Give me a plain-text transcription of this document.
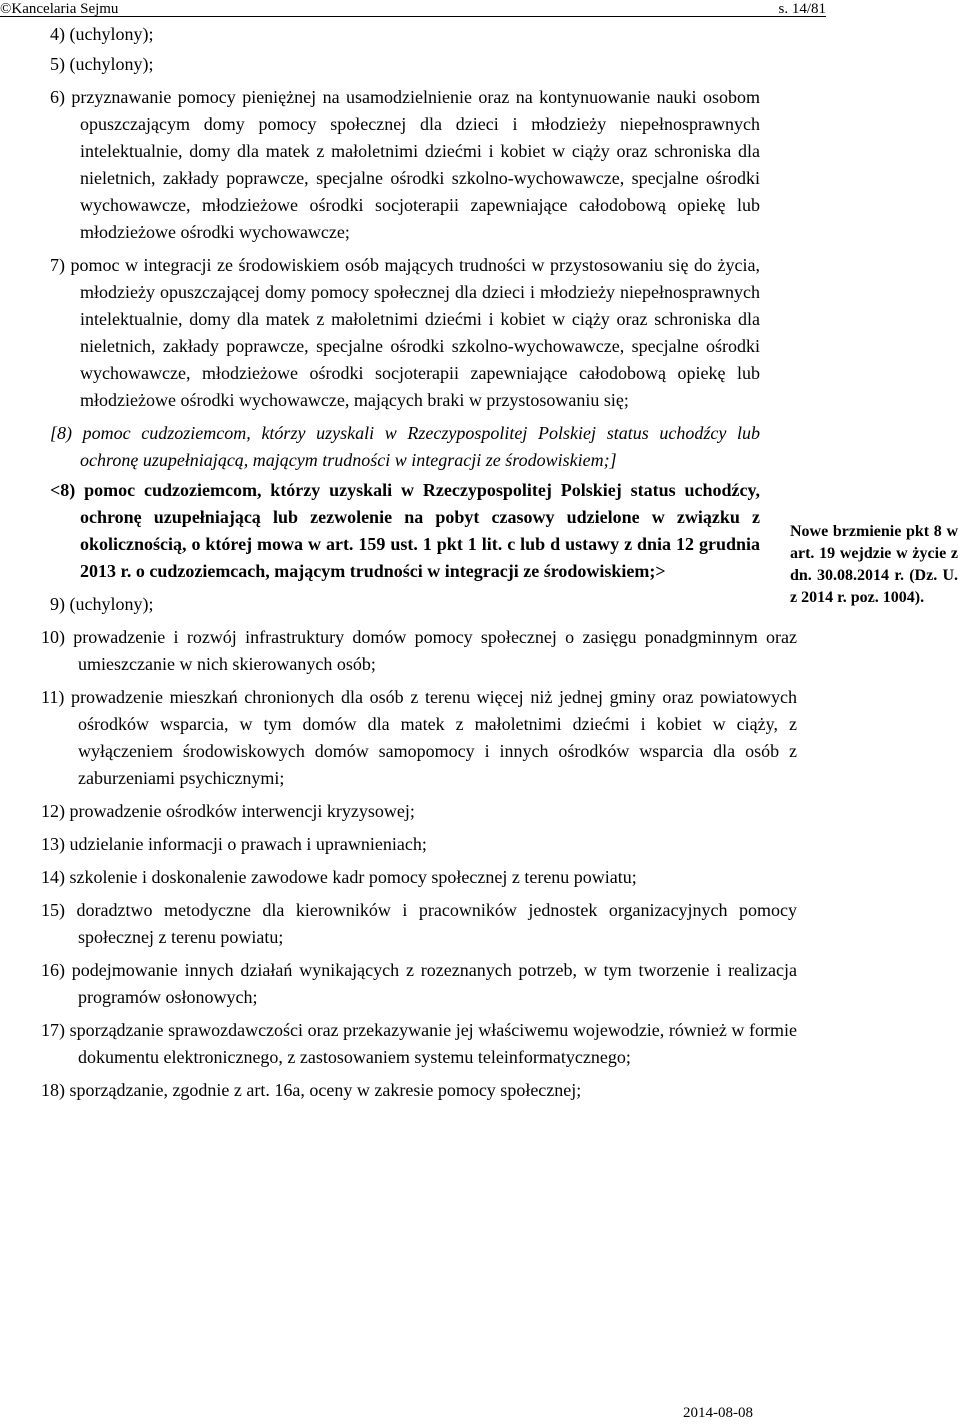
©Kancelaria Sejmu	s. 14/81
4) (uchylony);
5) (uchylony);
6) przyznawanie pomocy pieniężnej na usamodzielnienie oraz na kontynuowanie nauki osobom opuszczającym domy pomocy społecznej dla dzieci i młodzieży niepełnosprawnych intelektualnie, domy dla matek z małoletnimi dziećmi i kobiet w ciąży oraz schroniska dla nieletnich, zakłady poprawcze, specjalne ośrodki szkolno-wychowawcze, specjalne ośrodki wychowawcze, młodzieżowe ośrodki socjoterapii zapewniające całodobową opiekę lub młodzieżowe ośrodki wychowawcze;
7) pomoc w integracji ze środowiskiem osób mających trudności w przystosowaniu się do życia, młodzieży opuszczającej domy pomocy społecznej dla dzieci i młodzieży niepełnosprawnych intelektualnie, domy dla matek z małoletnimi dziećmi i kobiet w ciąży oraz schroniska dla nieletnich, zakłady poprawcze, specjalne ośrodki szkolno-wychowawcze, specjalne ośrodki wychowawcze, młodzieżowe ośrodki socjoterapii zapewniające całodobową opiekę lub młodzieżowe ośrodki wychowawcze, mających braki w przystosowaniu się;
[8) pomoc cudzoziemcom, którzy uzyskali w Rzeczypospolitej Polskiej status uchodźcy lub ochronę uzupełniającą, mającym trudności w integracji ze środowiskiem;]
<8) pomoc cudzoziemcom, którzy uzyskali w Rzeczypospolitej Polskiej status uchodźcy, ochronę uzupełniającą lub zezwolenie na pobyt czasowy udzielone w związku z okolicznością, o której mowa w art. 159 ust. 1 pkt 1 lit. c lub d ustawy z dnia 12 grudnia 2013 r. o cudzoziemcach, mającym trudności w integracji ze środowiskiem;>
9) (uchylony);
10) prowadzenie i rozwój infrastruktury domów pomocy społecznej o zasięgu ponadgminnym oraz umieszczanie w nich skierowanych osób;
11) prowadzenie mieszkań chronionych dla osób z terenu więcej niż jednej gminy oraz powiatowych ośrodków wsparcia, w tym domów dla matek z małoletnimi dziećmi i kobiet w ciąży, z wyłączeniem środowiskowych domów samopomocy i innych ośrodków wsparcia dla osób z zaburzeniami psychicznymi;
12) prowadzenie ośrodków interwencji kryzysowej;
13) udzielanie informacji o prawach i uprawnieniach;
14) szkolenie i doskonalenie zawodowe kadr pomocy społecznej z terenu powiatu;
15) doradztwo metodyczne dla kierowników i pracowników jednostek organizacyjnych pomocy społecznej z terenu powiatu;
16) podejmowanie innych działań wynikających z rozeznanych potrzeb, w tym tworzenie i realizacja programów osłonowych;
17) sporządzanie sprawozdawczości oraz przekazywanie jej właściwemu wojewodzie, również w formie dokumentu elektronicznego, z zastosowaniem systemu teleinformatycznego;
18) sporządzanie, zgodnie z art. 16a, oceny w zakresie pomocy społecznej;
Nowe brzmienie pkt 8 w art. 19 wejdzie w życie z dn. 30.08.2014 r. (Dz. U. z 2014 r. poz. 1004).
2014-08-08
